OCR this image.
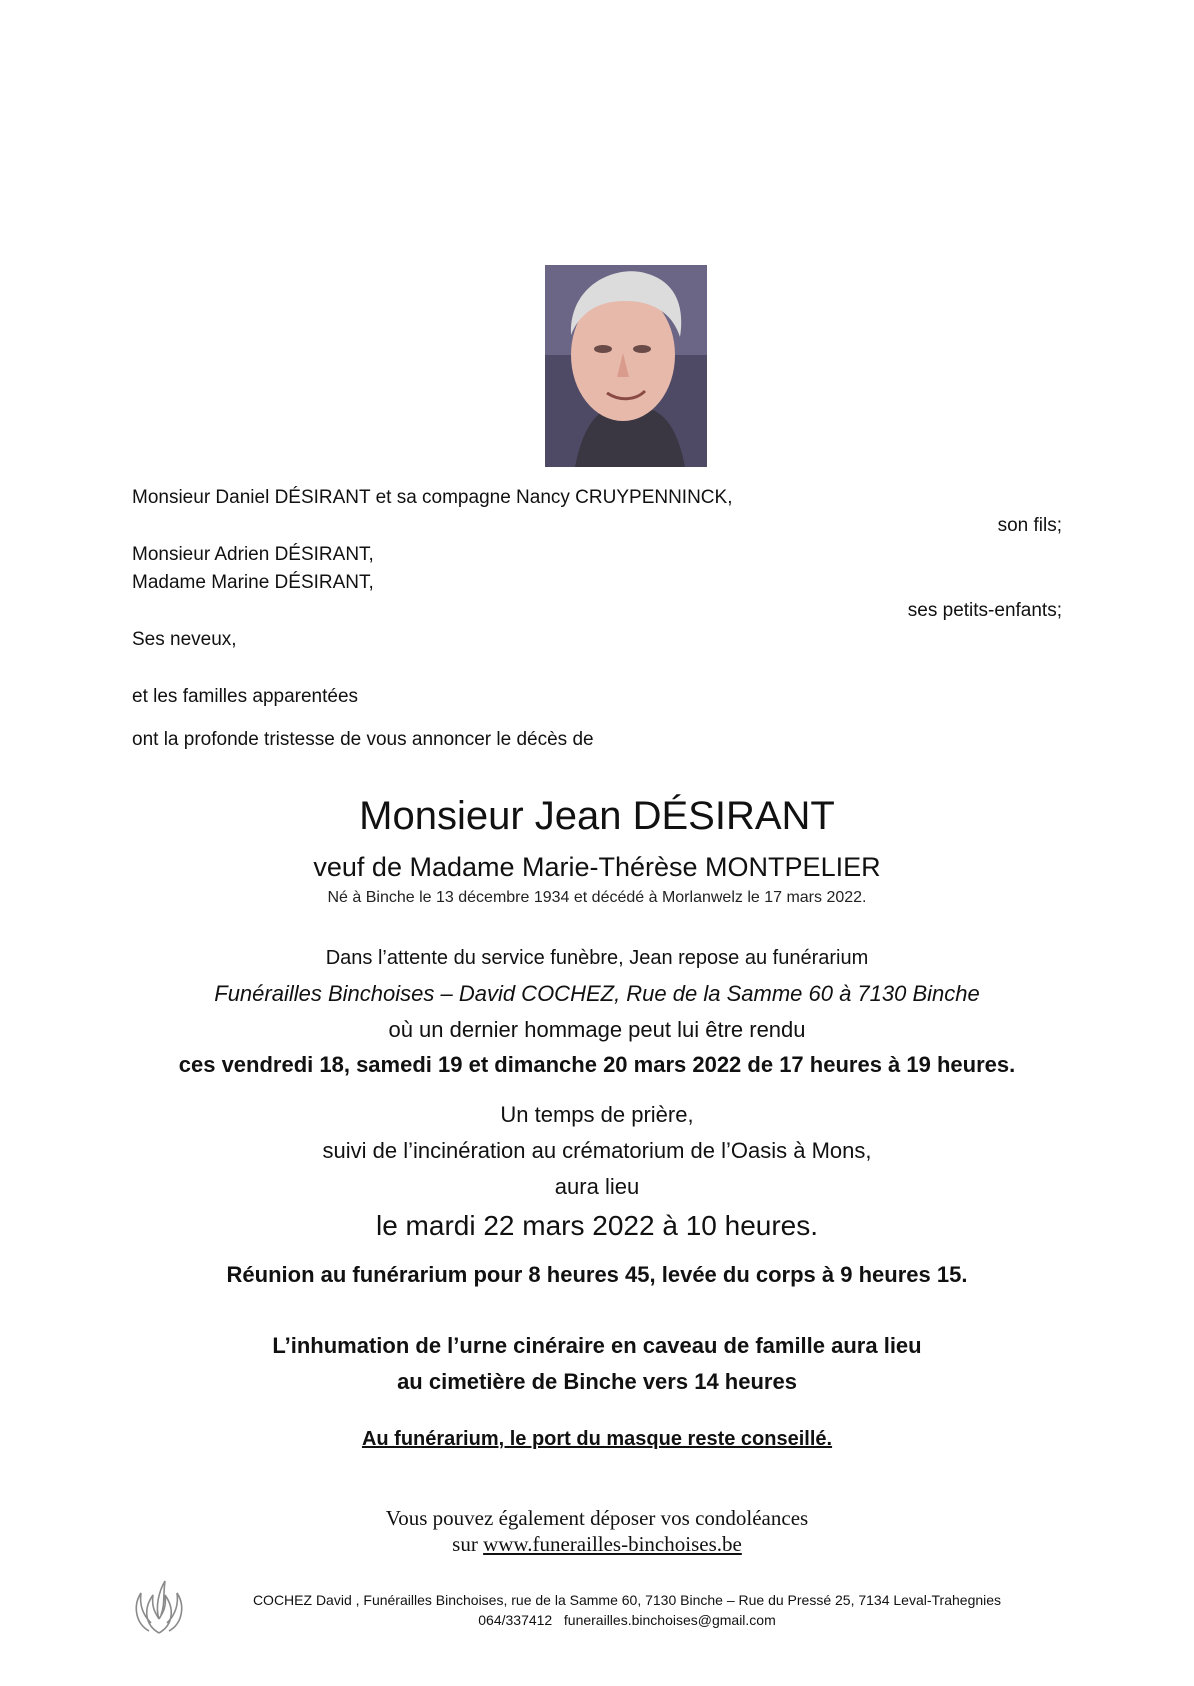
Monsieur Daniel DÉSIRANT et sa compagne Nancy CRUYPENNINCK,
son fils;
Monsieur Adrien DÉSIRANT,
Madame Marine DÉSIRANT,
ses petits-enfants;
Ses neveux,
et les familles apparentées
ont la profonde tristesse de vous annoncer le décès de
Monsieur Jean DÉSIRANT
veuf de Madame Marie-Thérèse MONTPELIER
Né à Binche le 13 décembre 1934 et décédé à Morlanwelz le 17 mars 2022.
Dans l’attente du service funèbre, Jean repose au funérarium
Funérailles Binchoises – David COCHEZ, Rue de la Samme 60 à 7130 Binche
où un dernier hommage peut lui être rendu
ces vendredi 18, samedi 19 et dimanche 20 mars 2022 de 17 heures à 19 heures.
Un temps de prière,
suivi de l’incinération au crématorium de l’Oasis à Mons,
aura lieu
le mardi 22 mars 2022 à 10 heures.
Réunion au funérarium pour 8 heures 45, levée du corps à 9 heures 15.
L’inhumation de l’urne cinéraire en caveau de famille aura lieu
au cimetière de Binche vers 14 heures
Au funérarium, le port du masque reste conseillé.
Vous pouvez également déposer vos condoléances
sur www.funerailles-binchoises.be
COCHEZ David , Funérailles Binchoises, rue de la Samme 60, 7130 Binche – Rue du Pressé 25, 7134 Leval-Trahegnies
064/337412 funerailles.binchoises@gmail.com
